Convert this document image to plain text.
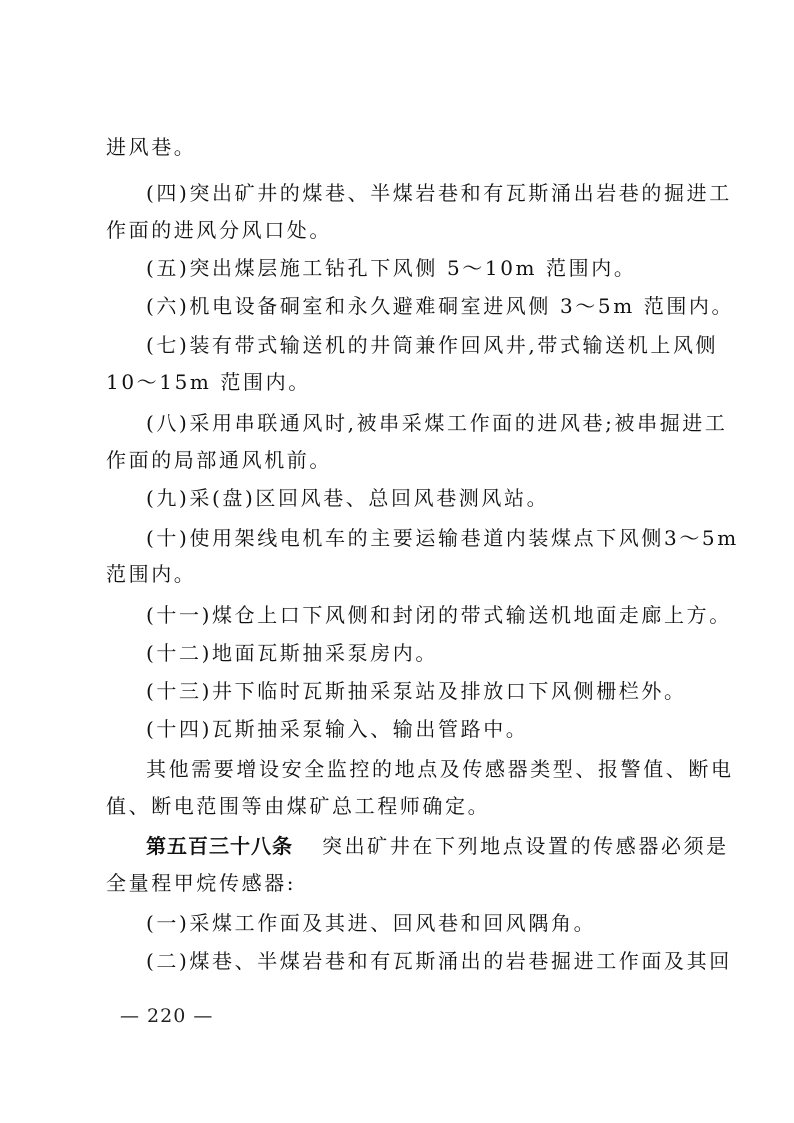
进风巷。
(四)突出矿井的煤巷、半煤岩巷和有瓦斯涌出岩巷的掘进工
作面的进风分风口处。
(五)突出煤层施工钻孔下风侧 5～10m 范围内。
(六)机电设备硐室和永久避难硐室进风侧 3～5m 范围内。
(七)装有带式输送机的井筒兼作回风井,带式输送机上风侧
10～15m 范围内。
(八)采用串联通风时,被串采煤工作面的进风巷;被串掘进工
作面的局部通风机前。
(九)采(盘)区回风巷、总回风巷测风站。
(十)使用架线电机车的主要运输巷道内装煤点下风侧3～5m
范围内。
(十一)煤仓上口下风侧和封闭的带式输送机地面走廊上方。
(十二)地面瓦斯抽采泵房内。
(十三)井下临时瓦斯抽采泵站及排放口下风侧栅栏外。
(十四)瓦斯抽采泵输入、输出管路中。
其他需要增设安全监控的地点及传感器类型、报警值、断电
值、断电范围等由煤矿总工程师确定。
第五百三十八条 突出矿井在下列地点设置的传感器必须是
全量程甲烷传感器:
(一)采煤工作面及其进、回风巷和回风隅角。
(二)煤巷、半煤岩巷和有瓦斯涌出的岩巷掘进工作面及其回
— 220 —
